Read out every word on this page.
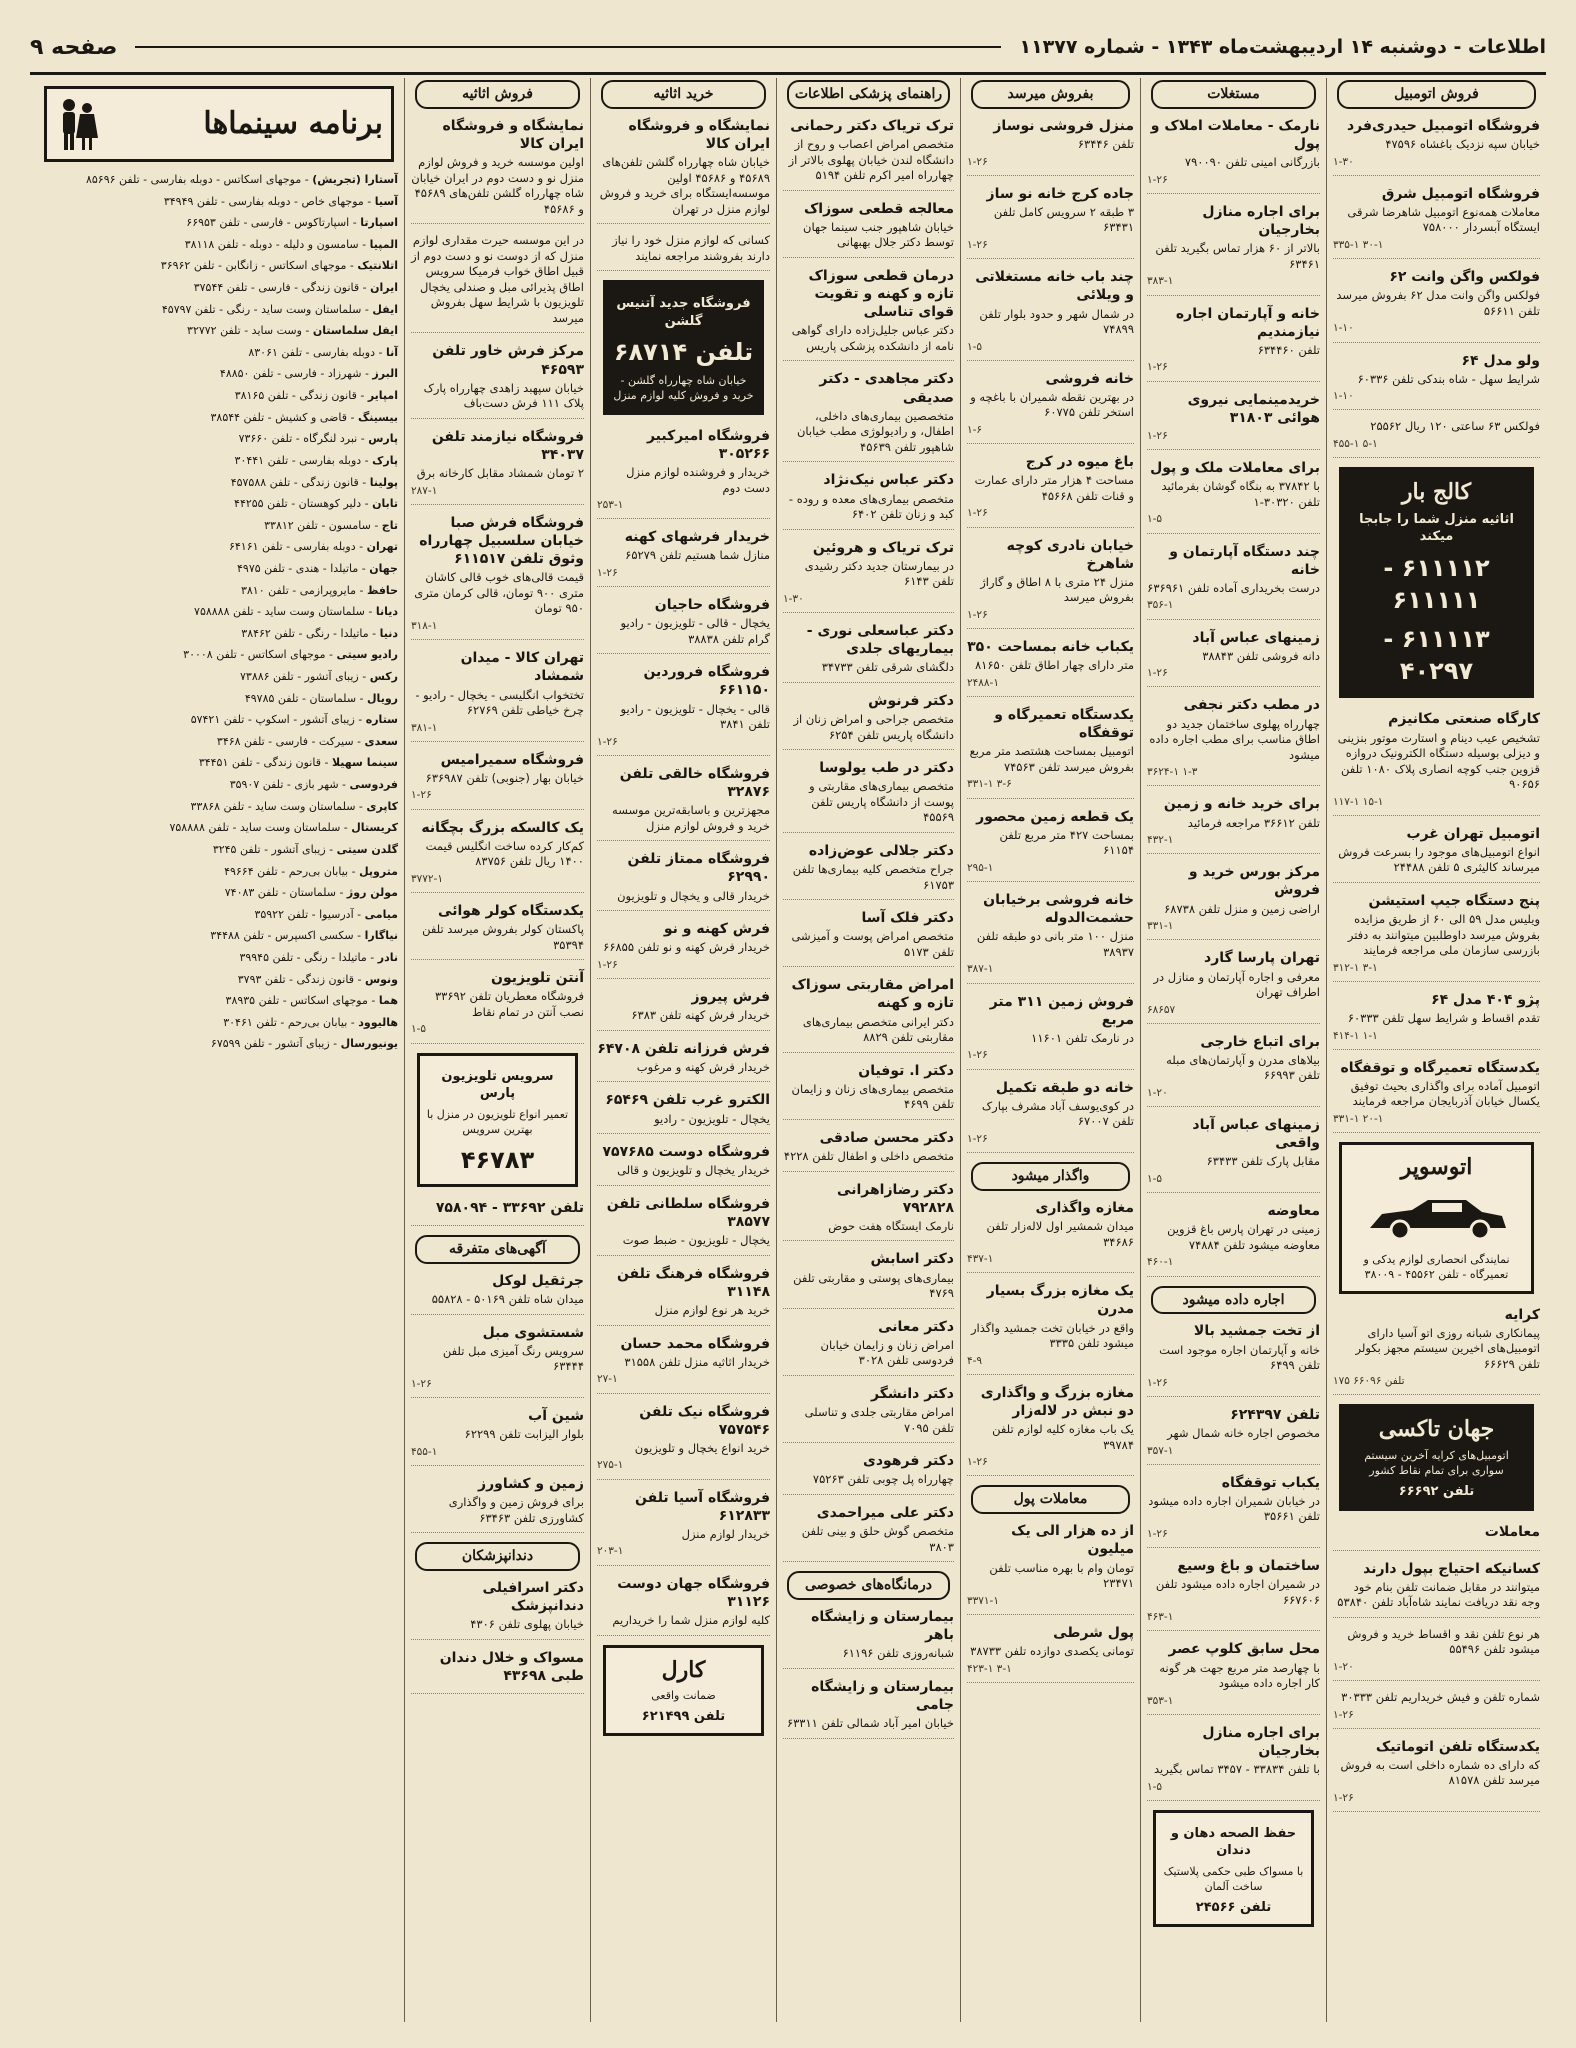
اطلاعات - دوشنبه ۱۴ اردیبهشت‌ماه ۱۳۴۳ - شماره ۱۱۳۷۷
صفحه ۹
فروش اتومبیل
فروشگاه اتومبیل حیدری‌فرد
خیابان سپه نزدیک باغشاه ۴۷۵۹۶
۱-۳۰
فروشگاه اتومبیل شرق
معاملات همه‌نوع اتومبیل شاهرضا شرقی ایستگاه آبسردار ۷۵۸۰۰۰
۳۳۵-۱ ۳۰-۱
فولکس واگن وانت ۶۲
فولکس واگن وانت مدل ۶۲ بفروش میرسد تلفن ۵۶۶۱۱
۱-۱۰
ولو مدل ۶۴
شرایط سهل - شاه بندکی تلفن ۶۰۳۳۶
۱-۱۰
فولکس ۶۳ ساعتی ۱۲۰ ریال ۲۵۵۶۲
۴۵۵-۱ ۵-۱
کالج بار
اثاثیه منزل شما را جابجا میکند
۶۱۱۱۱۲ - ۶۱۱۱۱۱
۶۱۱۱۱۳ - ۴۰۲۹۷
کارگاه صنعتی مکانیزم
تشخیص عیب دینام و استارت موتور بنزینی و دیزلی بوسیله دستگاه الکترونیک دروازه قزوین جنب کوچه انصاری پلاک ۱۰۸۰ تلفن ۹۰۶۵۶
۱۱۷-۱ ۱۵-۱
اتومبیل تهران غرب
انواع اتومبیل‌های موجود را بسرعت فروش میرساند کالیثری ۵ تلفن ۲۴۴۸۸
پنج دستگاه جیپ استیشن
ویلیس مدل ۵۹ الی ۶۰ از طریق مزایده بفروش میرسد داوطلبین میتوانند به دفتر بازرسی سازمان ملی مراجعه فرمایند
۳۱۲-۱ ۳-۱
پژو ۴۰۴ مدل ۶۴
تقدم اقساط و شرایط سهل تلفن ۶۰۳۳۳
۴۱۴-۱ ۱-۱
یکدستگاه تعمیرگاه و توقفگاه
اتومبیل آماده برای واگذاری بحیث توفیق یکسال خیابان آذربایجان مراجعه فرمایند
۳۳۱-۱ ۲۰-۱
اتوسوپر
نمایندگی انحصاری لوازم یدکی و تعمیرگاه - تلفن ۴۵۵۶۲ - ۳۸۰۰۹
کرایه
پیمانکاری شبانه روزی اتو آسیا دارای اتومبیل‌های اخیرین سیستم مجهز بکولر تلفن ۶۶۶۲۹
۱۷۵ تلفن ۶۶۰۹۶
جهان تاکسی
اتومبیل‌های کرایه آخرین سیستم سواری برای تمام نقاط کشور
تلفن ۶۶۶۹۲
معاملات
کسانیکه احتیاج بپول دارند
میتوانند در مقابل ضمانت تلفن بنام خود وجه نقد دریافت نمایند شاه‌آباد تلفن ۵۳۸۴۰
هر نوع تلفن نقد و اقساط خرید و فروش میشود تلفن ۵۵۴۹۶
۱-۲۰
شماره تلفن و فیش خریداریم تلفن ۳۰۳۳۳
۱-۲۶
یکدستگاه تلفن اتوماتیک
که دارای ده شماره داخلی است به فروش میرسد تلفن ۸۱۵۷۸
۱-۲۶
مستغلات
نارمک - معاملات املاک و پول
بازرگانی امینی تلفن ۷۹۰۰۹۰
۱-۲۶
برای اجاره منازل بخارجیان
بالاتر از ۶۰ هزار تماس بگیرید تلفن ۶۳۴۶۱
۳۸۳-۱
خانه و آپارتمان اجاره نیازمندیم
تلفن ۶۳۴۴۶۰
۱-۲۶
خریدمینمایی نیروی هوائی ۳۱۸۰۳
۱-۲۶
برای معاملات ملک و پول
با ۳۷۸۴۲ به بنگاه گوشان بفرمائید تلفن ۳۰۳۲۰-۱
۱-۵
چند دستگاه آپارتمان و خانه
درست بخریداری آماده تلفن ۶۳۶۹۶۱
۳۵۶-۱
زمینهای عباس آباد
دانه فروشی تلفن ۳۸۸۴۳
۱-۲۶
در مطب دکتر نجفی
چهارراه پهلوی ساختمان جدید دو اطاق مناسب برای مطب اجاره داده میشود
۳۶۲۴-۱ ۱-۳
برای خرید خانه و زمین
تلفن ۳۶۶۱۲ مراجعه فرمائید
۴۳۲-۱
مرکز بورس خرید و فروش
اراضی زمین و منزل تلفن ۶۸۷۳۸
۳۳۱-۱
تهران پارسا گارد
معرفی و اجاره آپارتمان و منازل در اطراف تهران
۶۸۶۵۷
برای اتباع خارجی
بیلاهای مدرن و آپارتمان‌های مبله تلفن ۶۶۹۹۳
۱-۲۰
زمینهای عباس آباد واقعی
مقابل پارک تلفن ۶۳۴۳۳
۱-۵
معاوضه
زمینی در تهران پارس باغ قزوین معاوضه میشود تلفن ۷۴۸۸۴
۴۶۰-۱
اجاره داده میشود
از تخت جمشید بالا
خانه و آپارتمان اجاره موجود است تلفن ۶۴۹۹
۱-۲۶
تلفن ۶۲۴۳۹۷
مخصوص اجاره خانه شمال شهر
۳۵۷-۱
یکباب توقفگاه
در خیابان شمیران اجاره داده میشود تلفن ۳۵۶۶۱
۱-۲۶
ساختمان و باغ وسیع
در شمیران اجاره داده میشود تلفن ۶۶۷۶۰۶
۴۶۳-۱
محل سابق کلوپ عصر
با چهارصد متر مربع جهت هر گونه کار اجاره داده میشود
۳۵۳-۱
برای اجاره منازل بخارجیان
با تلفن ۳۳۸۳۴ - ۳۴۵۷ تماس بگیرید
۱-۵
حفظ الصحه دهان و دندان
با مسواک طبی حکمی پلاستیک ساخت آلمان
تلفن ۲۴۵۶۶
بفروش میرسد
منزل فروشی نوساز
تلفن ۶۳۴۴۶
۱-۲۶
جاده کرج خانه نو ساز
۳ طبقه ۲ سرویس کامل تلفن ۶۳۴۳۱
۱-۲۶
چند باب خانه مستغلاتی و ویلائی
در شمال شهر و حدود بلوار تلفن ۷۴۸۹۹
۱-۵
خانه فروشی
در بهترین نقطه شمیران با باغچه و استخر تلفن ۶۰۷۷۵
۱-۶
باغ میوه در کرج
مساحت ۴ هزار متر دارای عمارت و قنات تلفن ۴۵۶۶۸
۱-۲۶
خیابان نادری کوچه شاهرخ
منزل ۲۴ متری با ۸ اطاق و گاراژ بفروش میرسد
۱-۲۶
یکباب خانه بمساحت ۳۵۰
متر دارای چهار اطاق تلفن ۸۱۶۵۰
۲۴۸۸-۱
یکدستگاه تعمیرگاه و توقفگاه
اتومبیل بمساحت هشتصد متر مربع بفروش میرسد تلفن ۷۴۵۶۳
۳۳۱-۱ ۳-۶
یک قطعه زمین محصور
بمساحت ۴۲۷ متر مربع تلفن ۶۱۱۵۴
۲۹۵-۱
خانه فروشی برخیابان حشمت‌الدوله
منزل ۱۰۰ متر بانی دو طبقه تلفن ۳۸۹۳۷
۳۸۷-۱
فروش زمین ۳۱۱ متر مربع
در نارمک تلفن ۱۱۶۰۱
۱-۲۶
خانه دو طبقه تکمیل
در کوی‌یوسف آباد مشرف بپارک تلفن ۶۷۰۰۷
۱-۲۶
واگذار میشود
مغازه واگذاری
میدان شمشیر اول لاله‌زار تلفن ۳۴۶۸۶
۴۳۷-۱
یک مغازه بزرگ بسیار مدرن
واقع در خیابان تخت جمشید واگذار میشود تلفن ۳۳۳۵
۴-۹
مغازه بزرگ و واگذاری دو نبش در لاله‌زار
یک باب مغازه کلیه لوازم تلفن ۳۹۷۸۴
۱-۲۶
معاملات پول
از ده هزار الی یک میلیون
تومان وام با بهره مناسب تلفن ۲۳۴۷۱
۳۳۷۱-۱
پول شرطی
تومانی یکصدی دوازده تلفن ۳۸۷۳۳
۴۲۳-۱ ۳-۱
راهنمای پزشکی اطلاعات
ترک تریاک دکتر رحمانی
متخصص امراض اعصاب و روح از دانشگاه لندن خیابان پهلوی بالاتر از چهارراه امیر اکرم تلفن ۵۱۹۴
معالجه قطعی سوزاک
خیابان شاهپور جنب سینما جهان توسط دکتر جلال بهبهانی
درمان قطعی سوزاک تازه و کهنه و تقویت قوای تناسلی
دکتر عباس جلیل‌زاده دارای گواهی نامه از دانشکده پزشکی پاریس
دکتر مجاهدی - دکتر صدیقی
متخصصین بیماری‌های داخلی، اطفال، و رادیولوژی مطب خیابان شاهپور تلفن ۴۵۶۳۹
دکتر عباس نیک‌نژاد
متخصص بیماری‌های معده و روده - کبد و زنان تلفن ۶۴۰۲
ترک تریاک و هروئین
در بیمارستان جدید دکتر رشیدی تلفن ۶۱۴۳
۱-۳۰
دکتر عباسعلی نوری - بیماریهای جلدی
دلگشای شرقی تلفن ۳۴۷۳۳
دکتر فرنوش
متخصص جراحی و امراض زنان از دانشگاه پاریس تلفن ۶۲۵۴
دکتر در طب یولوسا
متخصص بیماری‌های مقاربتی و پوست از دانشگاه پاریس تلفن ۴۵۵۶۹
دکتر جلالی عوض‌زاده
جراح متخصص کلیه بیماری‌ها تلفن ۶۱۷۵۳
دکتر فلک آسا
متخصص امراض پوست و آمیزشی تلفن ۵۱۷۳
امراض مقاربتی سوزاک تازه و کهنه
دکتر ایرانی متخصص بیماری‌های مقاربتی تلفن ۸۸۲۹
دکتر ا. توفیان
متخصص بیماری‌های زنان و زایمان تلفن ۴۶۹۹
دکتر محسن صادقی
متخصص داخلی و اطفال تلفن ۴۲۲۸
دکتر رضازاهرانی ۷۹۲۸۲۸
نارمک ایستگاه هفت حوض
دکتر اسابش
بیماری‌های پوستی و مقاربتی تلفن ۴۷۶۹
دکتر معانی
امراض زنان و زایمان خیابان فردوسی تلفن ۳۰۲۸
دکتر دانشگر
امراض مقاربتی جلدی و تناسلی تلفن ۷۰۹۵
دکتر فرهودی
چهارراه پل چوبی تلفن ۷۵۲۶۳
دکتر علی میراحمدی
متخصص گوش حلق و بینی تلفن ۳۸۰۳
درمانگاه‌های خصوصی
بیمارستان و زایشگاه باهر
شبانه‌روزی تلفن ۶۱۱۹۶
بیمارستان و زایشگاه جامی
خیابان امیر آباد شمالی تلفن ۶۳۳۱۱
خرید اثاثیه
نمایشگاه و فروشگاه ایران کالا
خیابان شاه چهارراه گلشن تلفن‌های ۴۵۶۸۹ و ۴۵۶۸۶ اولین موسسه‌ایستگاه برای خرید و فروش لوازم منزل در تهران
کسانی که لوازم منزل خود را نیاز دارند بفروشند مراجعه نمایند
فروشگاه جدید آتنیس گلشن
تلفن ۶۸۷۱۴
خیابان شاه چهارراه گلشن - خرید و فروش کلیه لوازم منزل
فروشگاه امیرکبیر ۳۰۵۲۶۶
خریدار و فروشنده لوازم منزل دست دوم
۲۵۳-۱
خریدار فرشهای کهنه
منازل شما هستیم تلفن ۶۵۲۷۹
۱-۲۶
فروشگاه حاجیان
یخچال - قالی - تلویزیون - رادیو گرام تلفن ۳۸۸۳۸
فروشگاه فروردین ۶۶۱۱۵۰
قالی - یخچال - تلویزیون - رادیو تلفن ۳۸۴۱
۱-۲۶
فروشگاه خالقی تلفن ۳۲۸۷۶
مجهزترین و باسابقه‌ترین موسسه خرید و فروش لوازم منزل
فروشگاه ممتاز تلفن ۶۲۹۹۰
خریدار قالی و یخچال و تلویزیون
فرش کهنه و نو
خریدار فرش کهنه و نو تلفن ۶۶۸۵۵
۱-۲۶
فرش پیروز
خریدار فرش کهنه تلفن ۶۳۸۳
فرش فرزانه تلفن ۶۴۷۰۸
خریدار فرش کهنه و مرغوب
الکترو غرب تلفن ۶۵۴۶۹
یخچال - تلویزیون - رادیو
فروشگاه دوست ۷۵۷۶۸۵
خریدار یخچال و تلویزیون و قالی
فروشگاه سلطانی تلفن ۳۸۵۷۷
یخچال - تلویزیون - ضبط صوت
فروشگاه فرهنگ تلفن ۳۱۱۴۸
خرید هر نوع لوازم منزل
فروشگاه محمد حسان
خریدار اثاثیه منزل تلفن ۳۱۵۵۸
۲۷-۱
فروشگاه نیک تلفن ۷۵۷۵۴۶
خرید انواع یخچال و تلویزیون
۲۷۵-۱
فروشگاه آسیا تلفن ۶۱۲۸۳۳
خریدار لوازم منزل
۲۰۳-۱
فروشگاه جهان دوست ۳۱۱۲۶
کلیه لوازم منزل شما را خریداریم
کارل
ضمانت واقعی
تلفن ۶۲۱۴۹۹
فروش اثاثیه
نمایشگاه و فروشگاه ایران کالا
اولین موسسه خرید و فروش لوازم منزل نو و دست دوم در ایران خیابان شاه چهارراه گلشن تلفن‌های ۴۵۶۸۹ و ۴۵۶۸۶
در این موسسه حیرت مقداری لوازم منزل که از دوست نو و دست دوم از قبیل اطاق خواب فرمیکا سرویس اطاق پذیرائی مبل و صندلی یخچال تلویزیون با شرایط سهل بفروش میرسد
مرکز فرش خاور تلفن ۴۶۵۹۳
خیابان سپهبد زاهدی چهارراه پارک پلاک ۱۱۱ فرش دست‌باف
فروشگاه نیازمند تلفن ۳۴۰۳۷
۲ تومان شمشاد مقابل کارخانه برق
۲۸۷-۱
فروشگاه فرش صبا خیابان سلسبیل چهارراه وثوق تلفن ۶۱۱۵۱۷
قیمت قالی‌های خوب قالی کاشان متری ۹۰۰ تومان، قالی کرمان متری ۹۵۰ تومان
۳۱۸-۱
تهران کالا - میدان شمشاد
تختخواب انگلیسی - یخچال - رادیو - چرخ خیاطی تلفن ۶۲۷۶۹
۳۸۱-۱
فروشگاه سمیرامیس
خیابان بهار (جنوبی) تلفن ۶۳۶۹۸۷
۱-۲۶
یک کالسکه بزرگ بچگانه
کم‌کار کرده ساخت انگلیس قیمت ۱۴۰۰ ریال تلفن ۸۳۷۵۶
۳۷۷۲-۱
یکدستگاه کولر هوائی
پاکستان کولر بفروش میرسد تلفن ۳۵۳۹۴
آنتن تلویزیون
فروشگاه معطریان تلفن ۳۳۶۹۲ نصب آنتن در تمام نقاط
۱-۵
سرویس تلویزیون پارس
تعمیر انواع تلویزیون در منزل با بهترین سرویس
۴۶۷۸۳
تلفن ۳۳۶۹۲ - ۷۵۸۰۹۴
آگهی‌های متفرقه
جرثقیل لوکل
میدان شاه تلفن ۵۰۱۶۹ - ۵۵۸۲۸
شستشوی مبل
سرویس رنگ آمیزی مبل تلفن ۶۳۴۴۴
۱-۲۶
شین آب
بلوار الیزابت تلفن ۶۲۲۹۹
۴۵۵-۱
زمین و کشاورز
برای فروش زمین و واگذاری کشاورزی تلفن ۶۳۴۶۳
دندانپزشکان
دکتر اسرافیلی دندانپزشک
خیابان پهلوی تلفن ۴۳۰۶
مسواک و خلال دندان طبی ۴۳۶۹۸
برنامه سینماها
آستارا (تجریش) - موجهای اسکاتس - دوبله بفارسی - تلفن ۸۵۶۹۶
آسیا - موجهای خاص - دوبله بفارسی - تلفن ۳۴۹۴۹
اسپارتا - اسپارتاکوس - فارسی - تلفن ۶۶۹۵۳
المپیا - سامسون و دلیله - دوبله - تلفن ۳۸۱۱۸
اتلانتیک - موجهای اسکاتس - زانگابن - تلفن ۳۶۹۶۲
ایران - قانون زندگی - فارسی - تلفن ۳۷۵۴۴
ایفل - سلماستان وست ساید - رنگی - تلفن ۴۵۷۹۷
ایفل سلماستان - وست ساید - تلفن ۳۲۷۷۲
آنا - دوبله بفارسی - تلفن ۸۳۰۶۱
البرز - شهرزاد - فارسی - تلفن ۴۸۸۵۰
امپایر - قانون زندگی - تلفن ۳۸۱۶۵
بیسینگ - قاضی و کشیش - تلفن ۳۸۵۴۴
پارس - نبرد لنگرگاه - تلفن ۷۳۶۶۰
پارک - دوبله بفارسی - تلفن ۳۰۴۴۱
پولینا - قانون زندگی - تلفن ۴۵۷۵۸۸
تابان - دلیر کوهستان - تلفن ۴۴۲۵۵
تاج - سامسون - تلفن ۳۳۸۱۲
تهران - دوبله بفارسی - تلفن ۶۴۱۶۱
جهان - ماتیلدا - هندی - تلفن ۴۹۷۵
حافظ - مایروپرازمی - تلفن ۳۸۱۰
دیانا - سلماستان وست ساید - تلفن ۷۵۸۸۸۸
دنیا - ماتیلدا - رنگی - تلفن ۳۸۴۶۲
رادیو سیتی - موجهای اسکاتس - تلفن ۳۰۰۰۸
رکس - زیبای آتشور - تلفن ۷۳۸۸۶
رویال - سلماستان - تلفن ۴۹۷۸۵
ستاره - زیبای آتشور - اسکوپ - تلفن ۵۷۴۲۱
سعدی - سیرکت - فارسی - تلفن ۳۴۶۸
سینما سهیلا - قانون زندگی - تلفن ۳۴۴۵۱
فردوسی - شهر بازی - تلفن ۳۵۹۰۷
کاپری - سلماستان وست ساید - تلفن ۳۳۸۶۸
کریستال - سلماستان وست ساید - تلفن ۷۵۸۸۸۸
گلدن سیتی - زیبای آتشور - تلفن ۳۲۴۵
متروپل - بیابان بی‌رحم - تلفن ۴۹۶۶۴
مولن روژ - سلماستان - تلفن ۷۴۰۸۳
میامی - آدرسیوا - تلفن ۳۵۹۲۲
نیاگارا - سکسی اکسپرس - تلفن ۳۴۴۸۸
نادر - ماتیلدا - رنگی - تلفن ۳۹۹۴۵
ونوس - قانون زندگی - تلفن ۳۷۹۳
هما - موجهای اسکاتس - تلفن ۳۸۹۳۵
هالیوود - بیابان بی‌رحم - تلفن ۳۰۴۶۱
یونیورسال - زیبای آتشور - تلفن ۶۷۵۹۹
